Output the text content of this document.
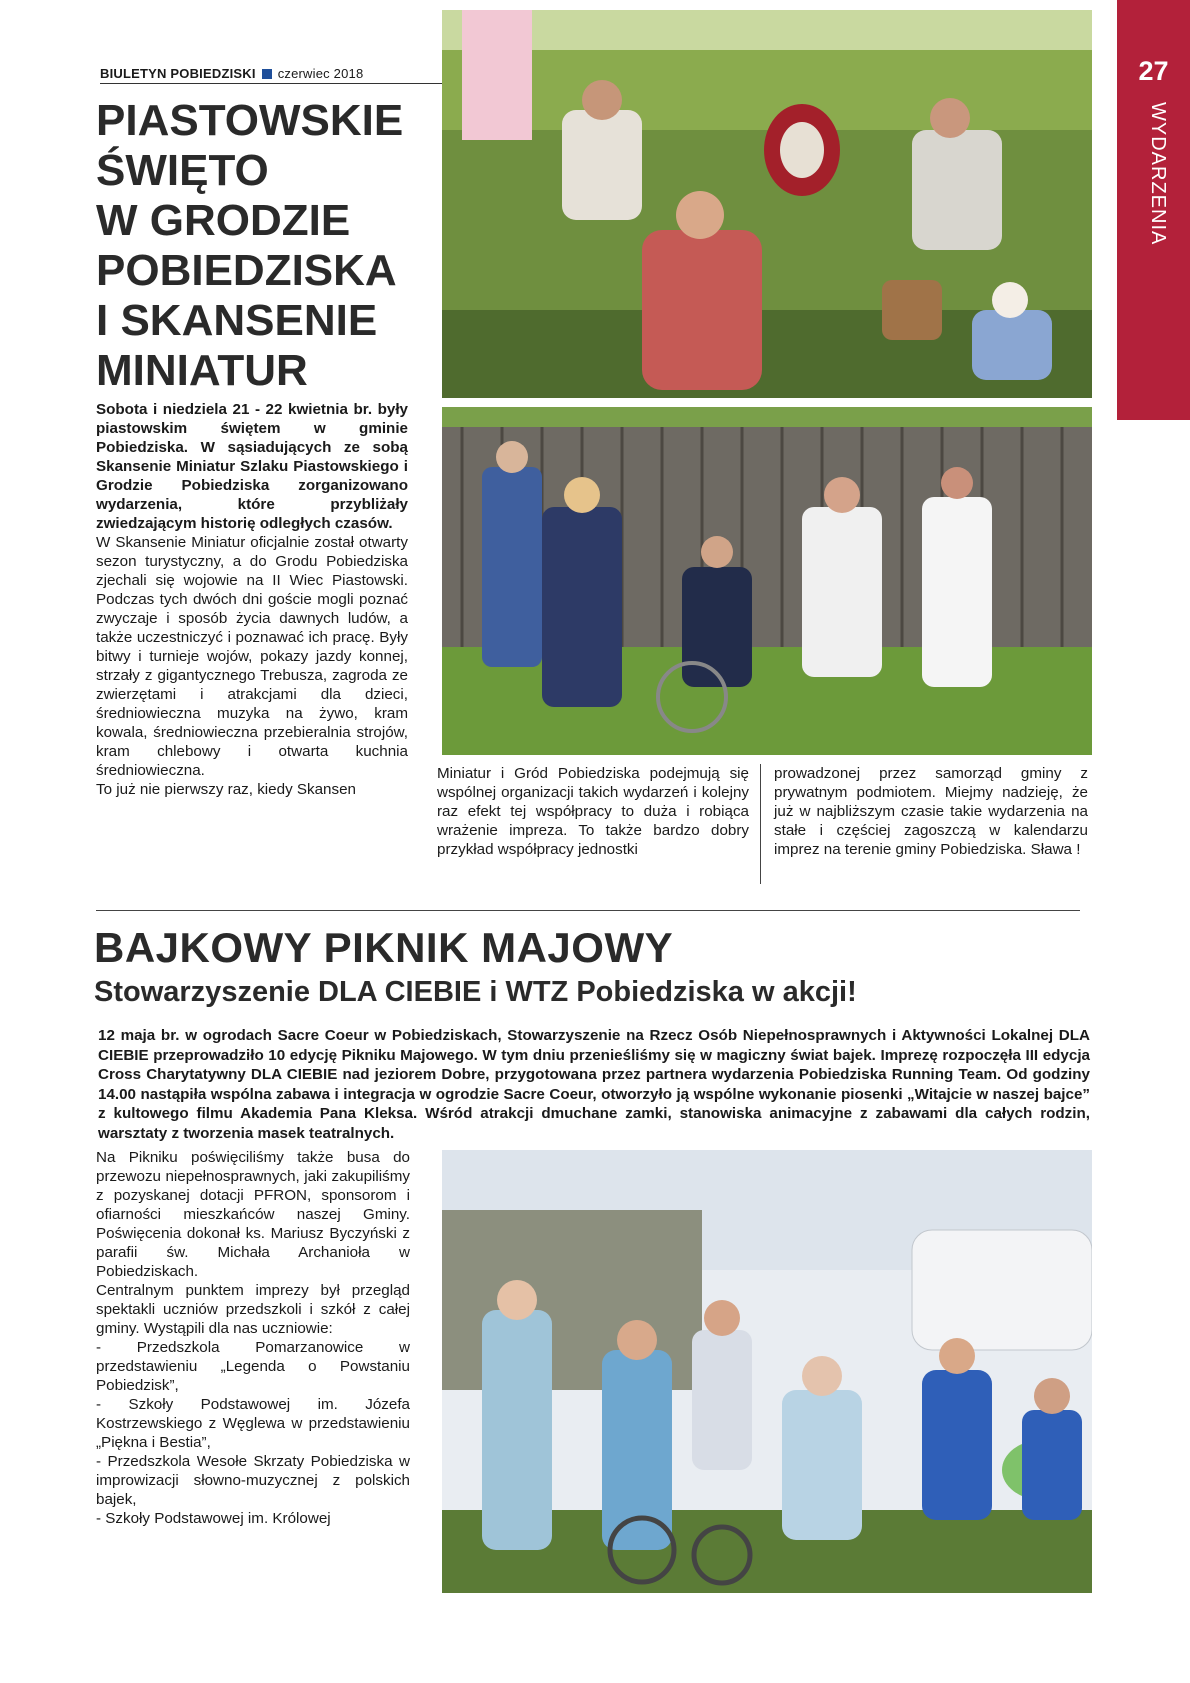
BIULETYN POBIEDZISKI czerwiec 2018	27
WYDARZENIA
PIASTOWSKIE
ŚWIĘTO
W GRODZIE
POBIEDZISKA
I SKANSENIE
MINIATUR
Sobota i niedziela 21 - 22 kwietnia br. były piastowskim świętem w gminie Pobiedziska. W sąsiadujących ze sobą Skansenie Miniatur Szlaku Piastowskiego i Grodzie Pobiedziska zorganizowano wydarzenia, które przybliżały zwiedzającym historię odległych czasów.
W Skansenie Miniatur oficjalnie został otwarty sezon turystyczny, a do Grodu Pobiedziska zjechali się wojowie na II Wiec Piastowski. Podczas tych dwóch dni goście mogli poznać zwyczaje i sposób życia dawnych ludów, a także uczestniczyć i poznawać ich pracę. Były bitwy i turnieje wojów, pokazy jazdy konnej, strzały z gigantycznego Trebusza, zagroda ze zwierzętami i atrakcjami dla dzieci, średniowieczna muzyka na żywo, kram kowala, średniowieczna przebieralnia strojów, kram chlebowy i otwarta kuchnia średniowieczna.
To już nie pierwszy raz, kiedy Skansen
Miniatur i Gród Pobiedziska podejmują się wspólnej organizacji takich wydarzeń i kolejny raz efekt tej współpracy to duża i robiąca wrażenie impreza. To także bardzo dobry przykład współpracy jednostki
prowadzonej przez samorząd gminy z prywatnym podmiotem. Miejmy nadzieję, że już w najbliższym czasie takie wydarzenia na stałe i częściej zagoszczą w kalendarzu imprez na terenie gminy Pobiedziska. Sława !
BAJKOWY PIKNIK MAJOWY
Stowarzyszenie DLA CIEBIE i WTZ Pobiedziska w akcji!
12 maja br. w ogrodach Sacre Coeur w Pobiedziskach, Stowarzyszenie na Rzecz Osób Niepełnosprawnych i Aktywności Lokalnej DLA CIEBIE przeprowadziło 10 edycję Pikniku Majowego. W tym dniu przenieśliśmy się w magiczny świat bajek. Imprezę rozpoczęła III edycja Cross Charytatywny DLA CIEBIE nad jeziorem Dobre, przygotowana przez partnera wydarzenia Pobiedziska Running Team. Od godziny 14.00 nastąpiła wspólna zabawa i integracja w ogrodzie Sacre Coeur, otworzyło ją wspólne wykonanie piosenki „Witajcie w naszej bajce” z kultowego filmu Akademia Pana Kleksa. Wśród atrakcji dmuchane zamki, stanowiska animacyjne z zabawami dla całych rodzin, warsztaty z tworzenia masek teatralnych.
Na Pikniku poświęciliśmy także busa do przewozu niepełnosprawnych, jaki zakupiliśmy z pozyskanej dotacji PFRON, sponsorom i ofiarności mieszkańców naszej Gminy. Poświęcenia dokonał ks. Mariusz Byczyński z parafii św. Michała Archanioła w Pobiedziskach.
Centralnym punktem imprezy był przegląd spektakli uczniów przedszkoli i szkół z całej gminy. Wystąpili dla nas uczniowie:
- Przedszkola Pomarzanowice w przedstawieniu „Legenda o Powstaniu Pobiedzisk”,
- Szkoły Podstawowej im. Józefa Kostrzewskiego z Węglewa w przedstawieniu „Piękna i Bestia”,
- Przedszkola Wesołe Skrzaty Pobiedziska w improwizacji słowno-muzycznej z polskich bajek,
- Szkoły Podstawowej im. Królowej
